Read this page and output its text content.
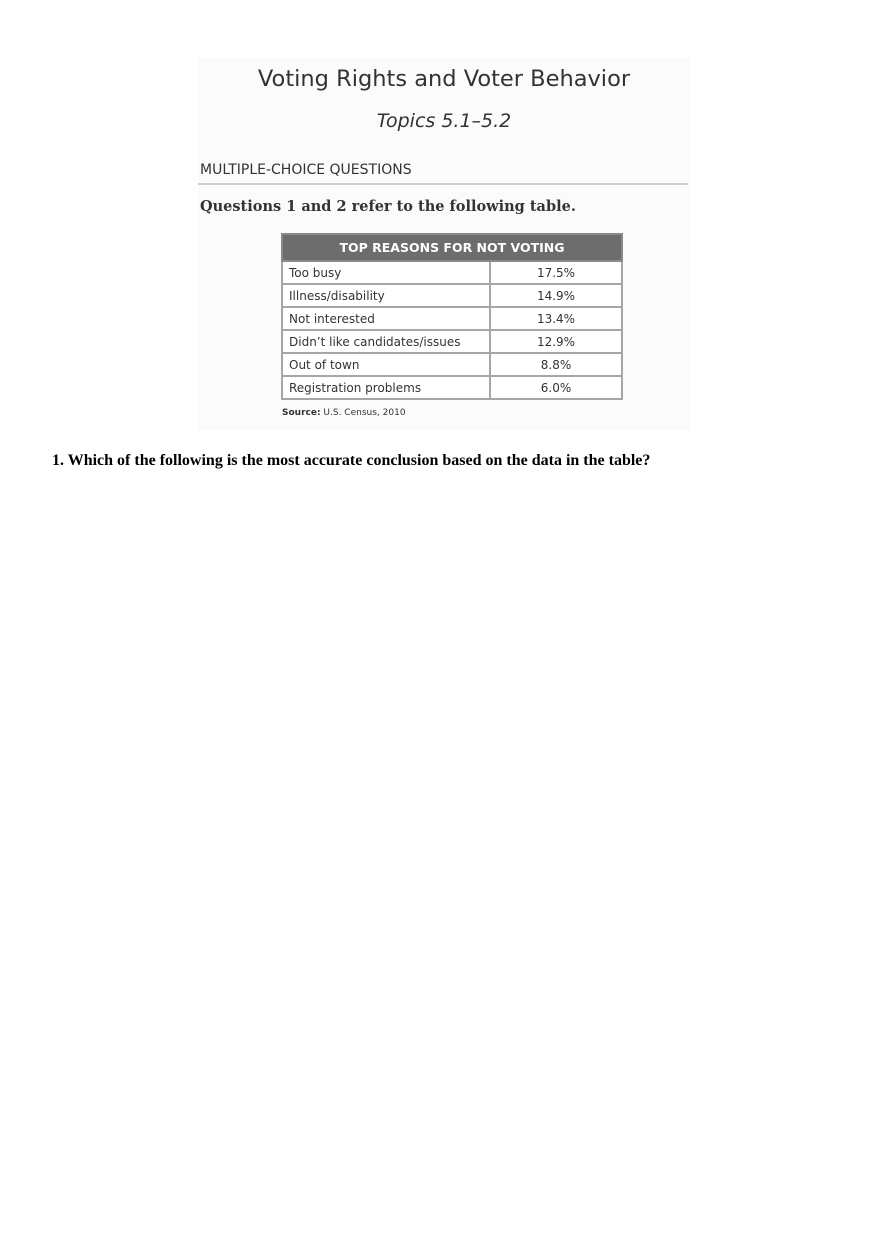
Voting Rights and Voter Behavior
Topics 5.1–5.2
MULTIPLE-CHOICE QUESTIONS
Questions 1 and 2 refer to the following table.
TOP REASONS FOR NOT VOTING	
Too busy	17.5%
Illness/disability	14.9%
Not interested	13.4%
Didn’t like candidates/issues	12.9%
Out of town	8.8%
Registration problems	6.0%
Source: U.S. Census, 2010
1. Which of the following is the most accurate conclusion based on the data in the table?
